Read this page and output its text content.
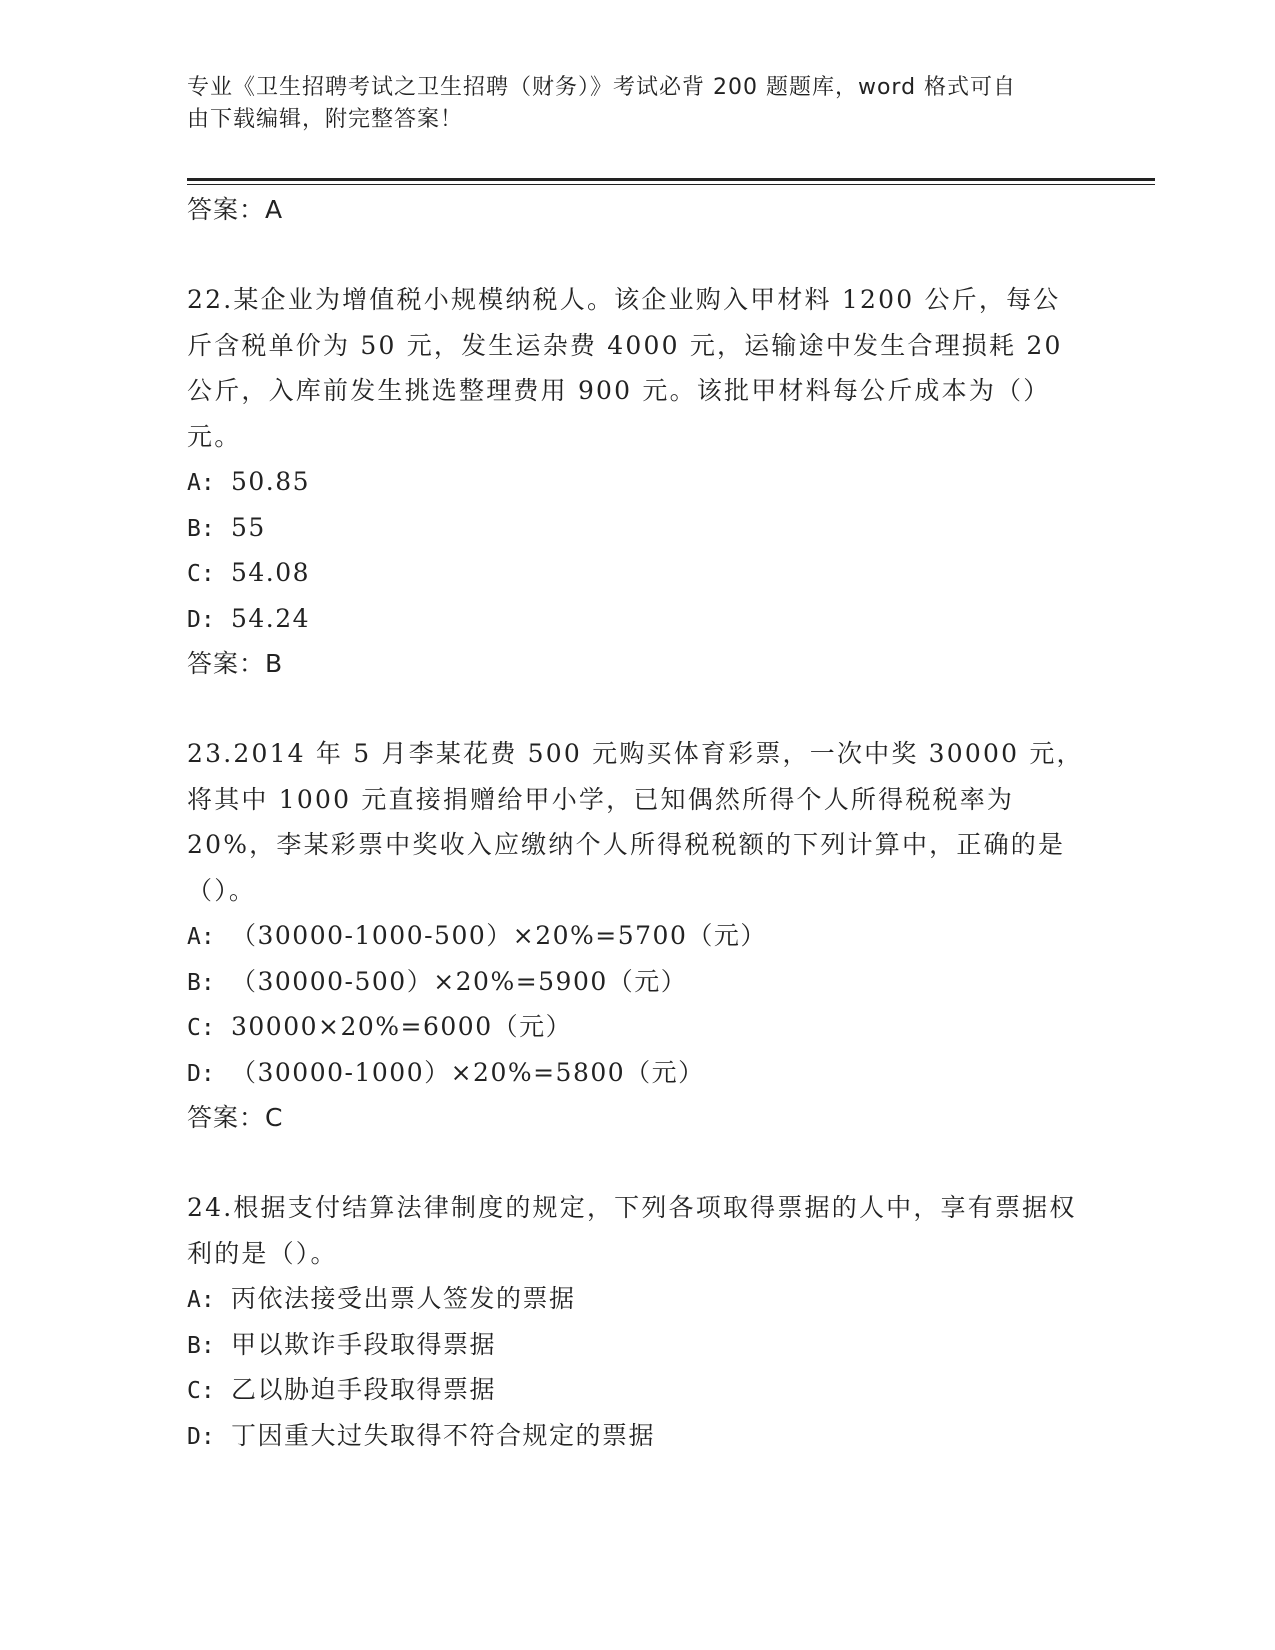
专业《卫生招聘考试之卫生招聘（财务）》考试必背 200 题题库，word 格式可自
由下载编辑，附完整答案！
答案：A
22.某企业为增值税小规模纳税人。该企业购入甲材料 1200 公斤，每公斤含税单价为 50 元，发生运杂费 4000 元，运输途中发生合理损耗 20 公斤，入库前发生挑选整理费用 900 元。该批甲材料每公斤成本为（）元。
A: 50.85
B: 55
C: 54.08
D: 54.24
答案：B
23.2014 年 5 月李某花费 500 元购买体育彩票，一次中奖 30000 元，将其中 1000 元直接捐赠给甲小学，已知偶然所得个人所得税税率为 20%，李某彩票中奖收入应缴纳个人所得税税额的下列计算中，正确的是（）。
A: （30000-1000-500）×20%=5700（元）
B: （30000-500）×20%=5900（元）
C: 30000×20%=6000（元）
D: （30000-1000）×20%=5800（元）
答案：C
24.根据支付结算法律制度的规定，下列各项取得票据的人中，享有票据权利的是（）。
A: 丙依法接受出票人签发的票据
B: 甲以欺诈手段取得票据
C: 乙以胁迫手段取得票据
D: 丁因重大过失取得不符合规定的票据
